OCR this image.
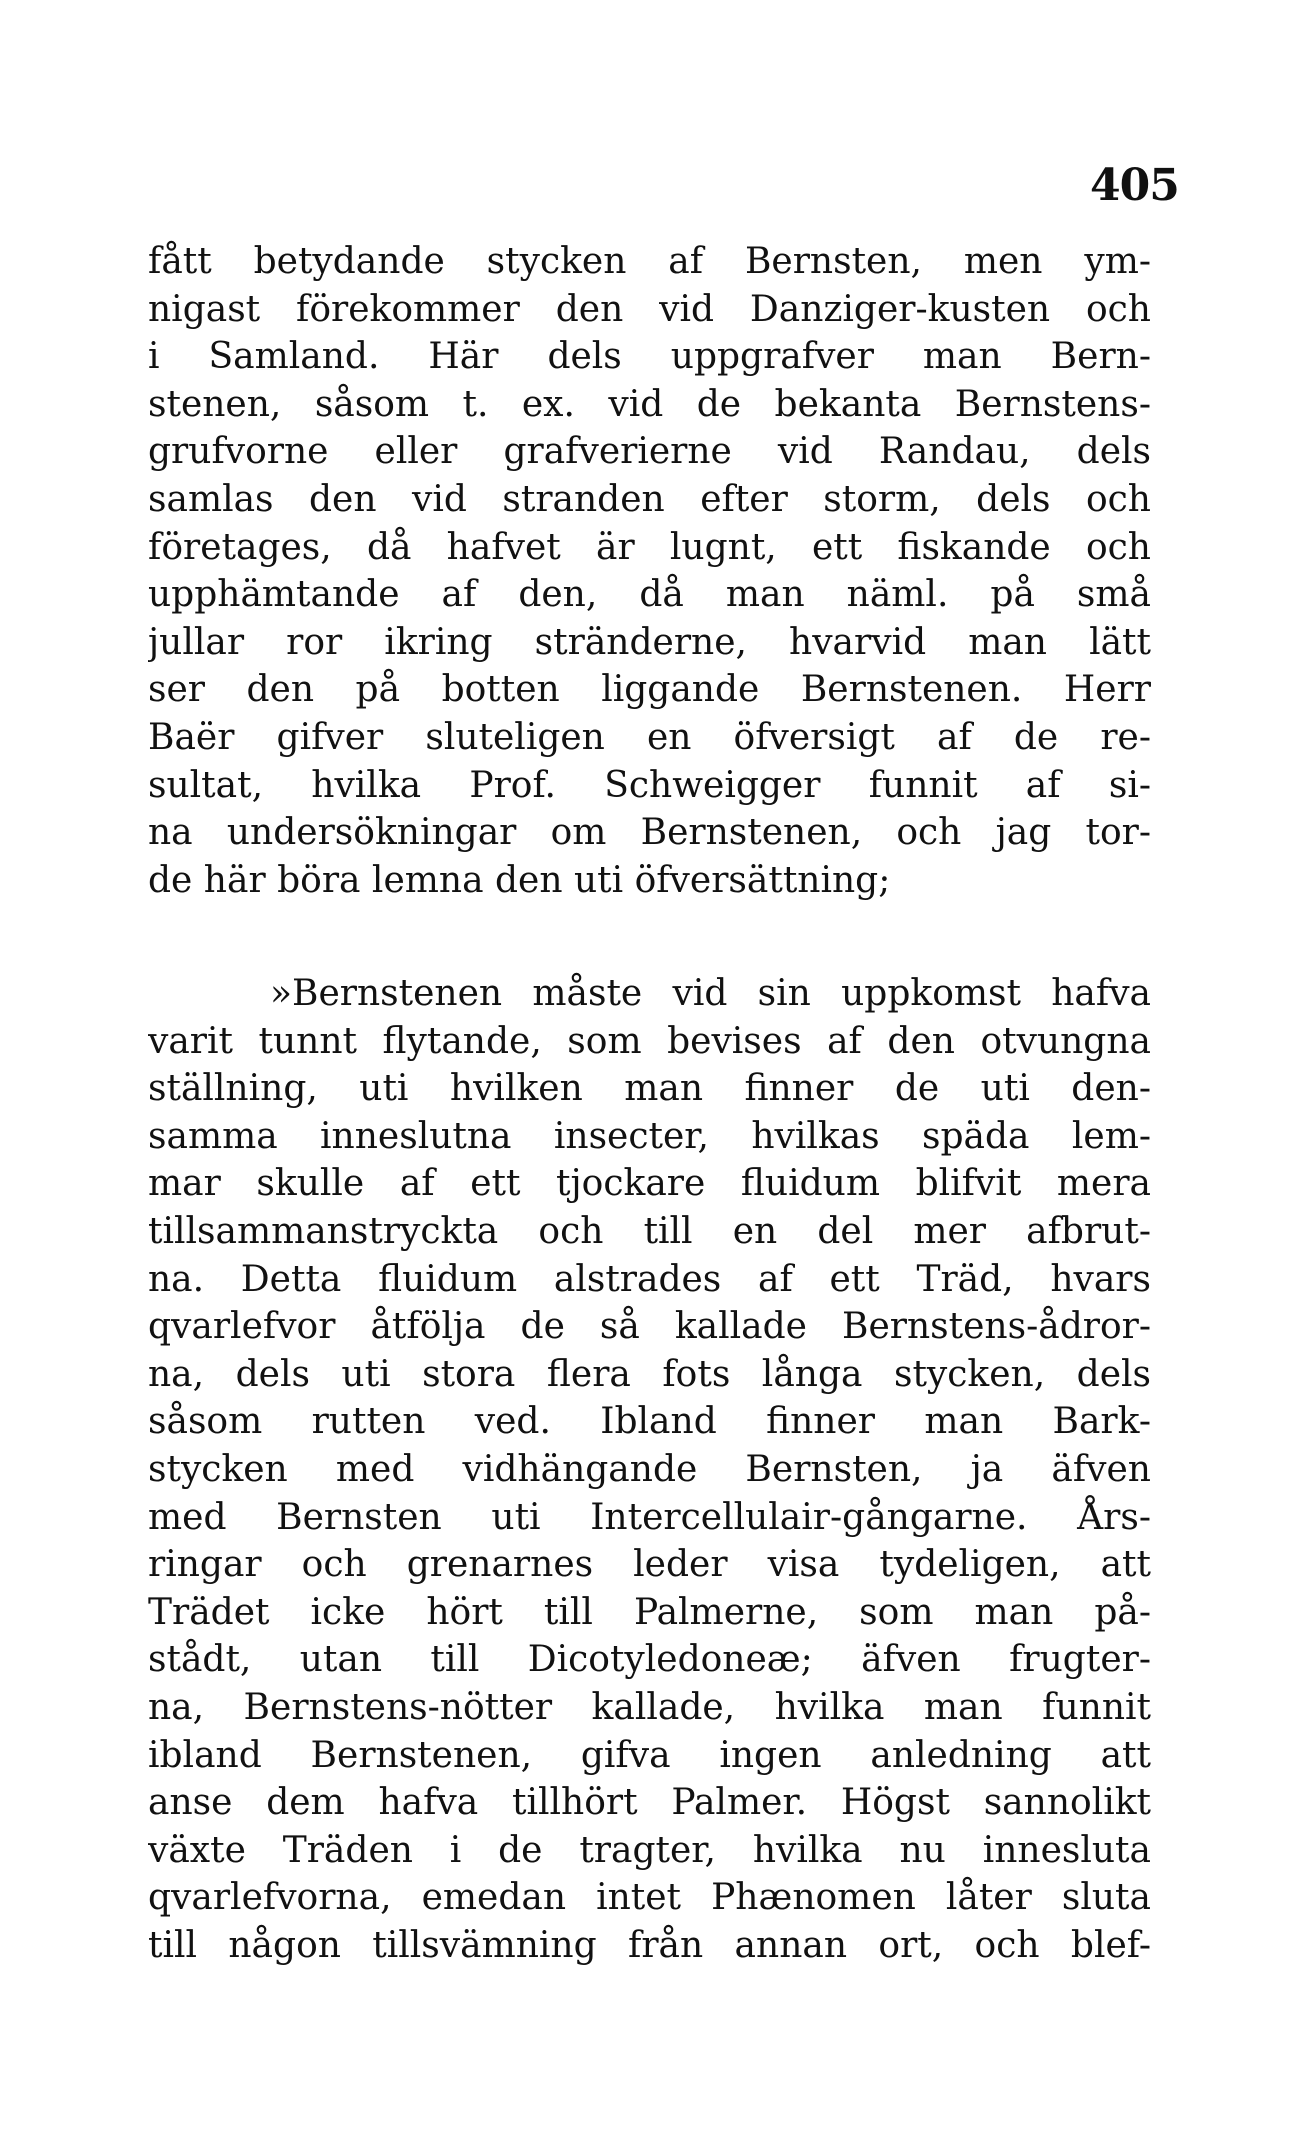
405
fått betydande stycken af Bernsten, men ym-
nigast förekommer den vid Danziger-kusten och
i Samland. Här dels uppgrafver man Bern-
stenen, såsom t. ex. vid de bekanta Bernstens-
grufvorne eller grafverierne vid Randau, dels
samlas den vid stranden efter storm, dels och
företages, då hafvet är lugnt, ett fiskande och
upphämtande af den, då man näml. på små
jullar ror ikring stränderne, hvarvid man lätt
ser den på botten liggande Bernstenen. Herr
Baër gifver sluteligen en öfversigt af de re-
sultat, hvilka Prof. Schweigger funnit af si-
na undersökningar om Bernstenen, och jag tor-
de här böra lemna den uti öfversättning;
»Bernstenen måste vid sin uppkomst hafva
varit tunnt flytande, som bevises af den otvungna
ställning, uti hvilken man finner de uti den-
samma inneslutna insecter, hvilkas späda lem-
mar skulle af ett tjockare fluidum blifvit mera
tillsammanstryckta och till en del mer afbrut-
na. Detta fluidum alstrades af ett Träd, hvars
qvarlefvor åtfölja de så kallade Bernstens-ådror-
na, dels uti stora flera fots långa stycken, dels
såsom rutten ved. Ibland finner man Bark-
stycken med vidhängande Bernsten, ja äfven
med Bernsten uti Intercellulair-gångarne. Års-
ringar och grenarnes leder visa tydeligen, att
Trädet icke hört till Palmerne, som man på-
stådt, utan till Dicotyledoneæ; äfven frugter-
na, Bernstens-nötter kallade, hvilka man funnit
ibland Bernstenen, gifva ingen anledning att
anse dem hafva tillhört Palmer. Högst sannolikt
växte Träden i de tragter, hvilka nu innesluta
qvarlefvorna, emedan intet Phænomen låter sluta
till någon tillsvämning från annan ort, och blef-
